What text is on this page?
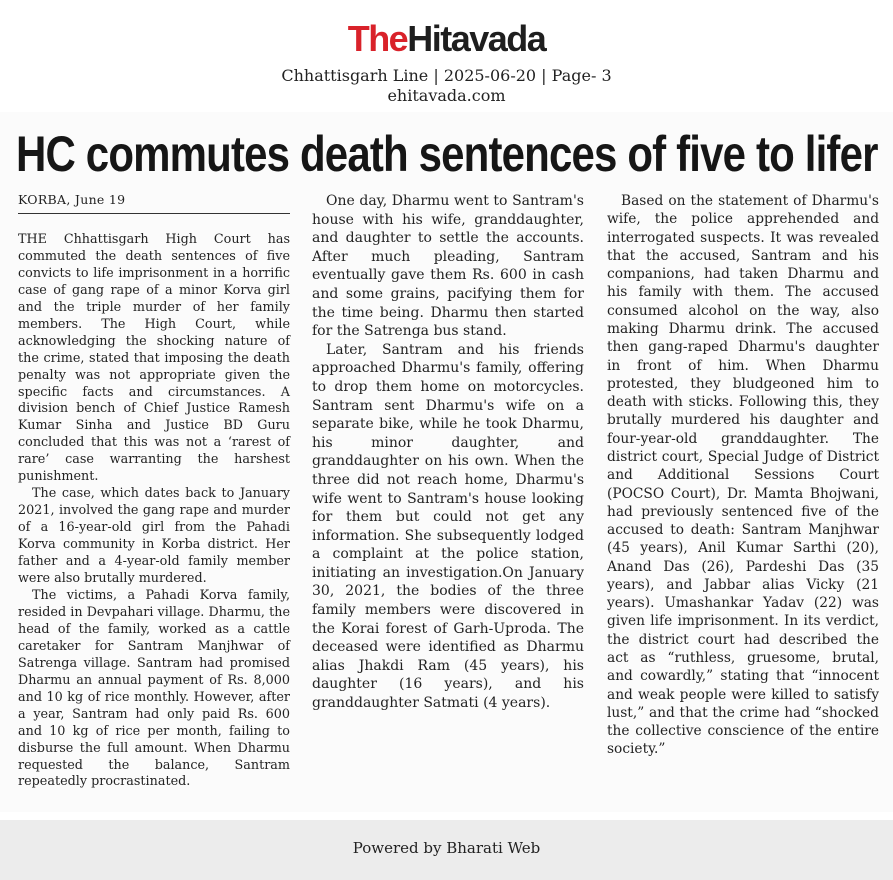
TheHitavada
Chhattisgarh Line | 2025-06-20 | Page- 3
ehitavada.com
HC commutes death sentences of five to lifer

KORBA, June 19

THE Chhattisgarh High Court has commuted the death sentences of five convicts to life imprisonment in a horrific case of gang rape of a minor Korva girl and the triple murder of her family members. The High Court, while acknowledging the shocking nature of the crime, stated that imposing the death penalty was not appropriate given the specific facts and circumstances. A division bench of Chief Justice Ramesh Kumar Sinha and Justice BD Guru concluded that this was not a ‘rarest of rare’ case warranting the harshest punishment.

The case, which dates back to January 2021, involved the gang rape and murder of a 16-year-old girl from the Pahadi Korva community in Korba district. Her father and a 4-year-old family member were also brutally murdered.

The victims, a Pahadi Korva family, resided in Devpahari village. Dharmu, the head of the family, worked as a cattle caretaker for Santram Manjhwar of Satrenga village. Santram had promised Dharmu an annual payment of Rs. 8,000 and 10 kg of rice monthly. However, after a year, Santram had only paid Rs. 600 and 10 kg of rice per month, failing to disburse the full amount. When Dharmu requested the balance, Santram repeatedly procrastinated.

One day, Dharmu went to Santram's house with his wife, granddaughter, and daughter to settle the accounts. After much pleading, Santram eventually gave them Rs. 600 in cash and some grains, pacifying them for the time being. Dharmu then started for the Satrenga bus stand.

Later, Santram and his friends approached Dharmu's family, offering to drop them home on motorcycles. Santram sent Dharmu's wife on a separate bike, while he took Dharmu, his minor daughter, and granddaughter on his own. When the three did not reach home, Dharmu's wife went to Santram's house looking for them but could not get any information. She subsequently lodged a complaint at the police station, initiating an investigation.On January 30, 2021, the bodies of the three family members were discovered in the Korai forest of Garh-Uproda. The deceased were identified as Dharmu alias Jhakdi Ram (45 years), his daughter (16 years), and his granddaughter Satmati (4 years).

Based on the statement of Dharmu's wife, the police apprehended and interrogated suspects. It was revealed that the accused, Santram and his companions, had taken Dharmu and his family with them. The accused consumed alcohol on the way, also making Dharmu drink. The accused then gang-raped Dharmu's daughter in front of him. When Dharmu protested, they bludgeoned him to death with sticks. Following this, they brutally murdered his daughter and four-year-old granddaughter. The district court, Special Judge of District and Additional Sessions Court (POCSO Court), Dr. Mamta Bhojwani, had previously sentenced five of the accused to death: Santram Manjhwar (45 years), Anil Kumar Sarthi (20), Anand Das (26), Pardeshi Das (35 years), and Jabbar alias Vicky (21 years). Umashankar Yadav (22) was given life imprisonment. In its verdict, the district court had described the act as “ruthless, gruesome, brutal, and cowardly,” stating that “innocent and weak people were killed to satisfy lust,” and that the crime had “shocked the collective conscience of the entire society.”

Powered by Bharati Web
